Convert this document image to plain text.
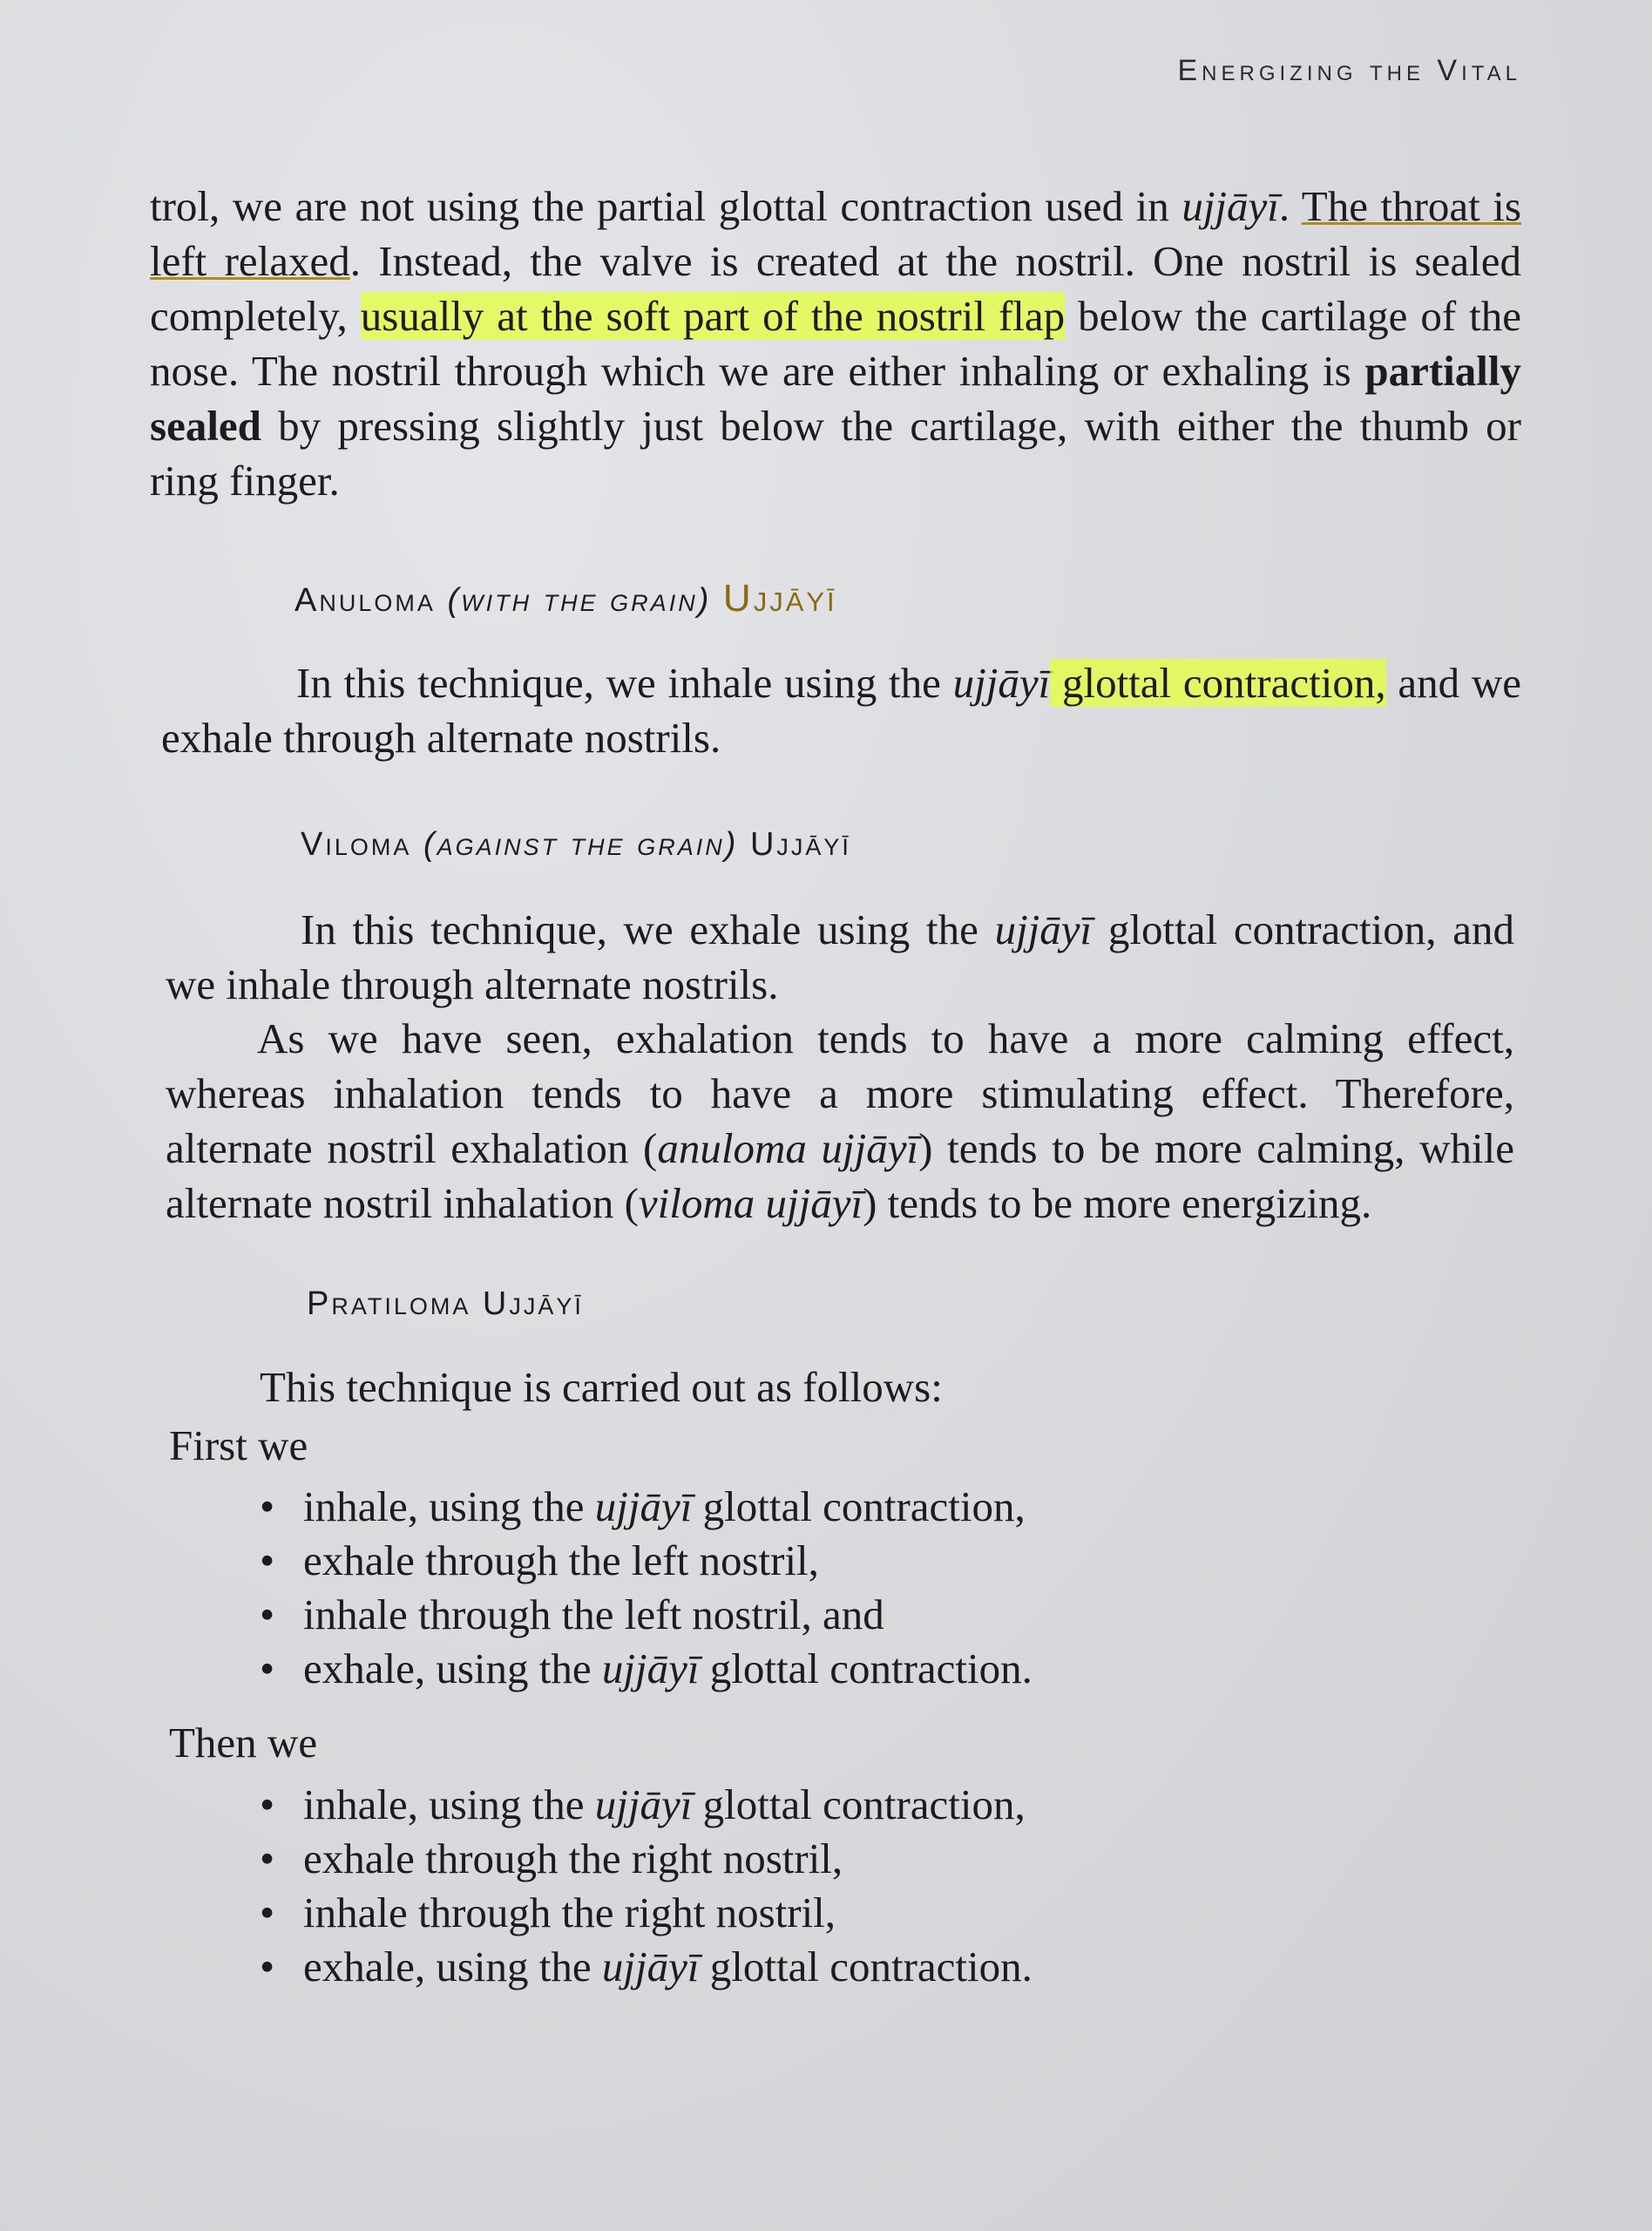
Energizing the Vital

trol, we are not using the partial glottal contraction used in ujjāyī. The throat is left relaxed. Instead, the valve is created at the nostril. One nostril is sealed completely, usually at the soft part of the nostril flap below the cartilage of the nose. The nostril through which we are either inhaling or exhaling is partially sealed by pressing slightly just below the cartilage, with either the thumb or ring finger.

Anuloma (with the grain) Ujjāyī

In this technique, we inhale using the ujjāyī glottal contraction, and we exhale through alternate nostrils.

Viloma (against the grain) Ujjāyī

In this technique, we exhale using the ujjāyī glottal contraction, and we inhale through alternate nostrils.

As we have seen, exhalation tends to have a more calming effect, whereas inhalation tends to have a more stimulating effect. Therefore, alternate nostril exhalation (anuloma ujjāyī) tends to be more calming, while alternate nostril inhalation (viloma ujjāyī) tends to be more energizing.

Pratiloma Ujjāyī

This technique is carried out as follows:

First we

• inhale, using the ujjāyī glottal contraction,
• exhale through the left nostril,
• inhale through the left nostril, and
• exhale, using the ujjāyī glottal contraction.

Then we

• inhale, using the ujjāyī glottal contraction,
• exhale through the right nostril,
• inhale through the right nostril,
• exhale, using the ujjāyī glottal contraction.
